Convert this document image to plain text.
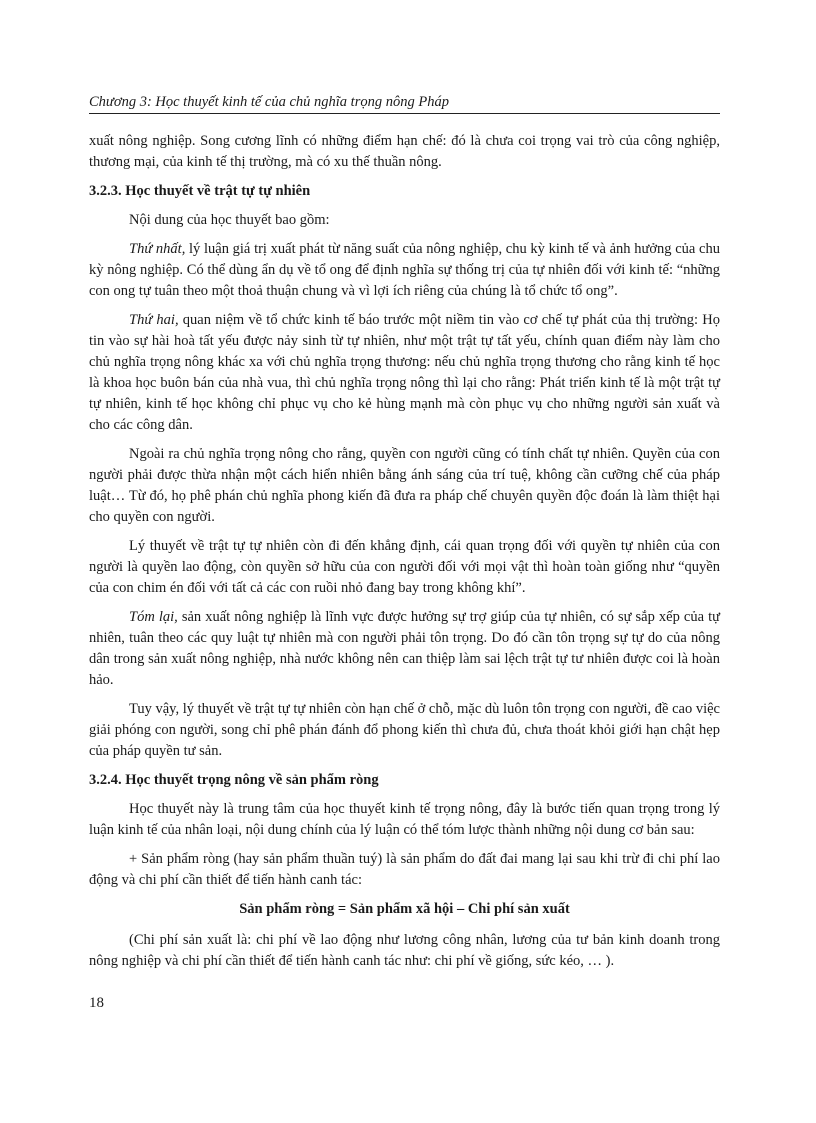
Chương 3: Học thuyết kinh tế của chủ nghĩa trọng nông Pháp

xuất nông nghiệp. Song cương lĩnh có những điểm hạn chế: đó là chưa coi trọng vai trò của công nghiệp, thương mại, của kinh tế thị trường, mà có xu thế thuần nông.

3.2.3. Học thuyết về trật tự tự nhiên

Nội dung của học thuyết bao gồm:

Thứ nhất, lý luận giá trị xuất phát từ năng suất của nông nghiệp, chu kỳ kinh tế và ảnh hưởng của chu kỳ nông nghiệp. Có thể dùng ẩn dụ về tổ ong để định nghĩa sự thống trị của tự nhiên đối với kinh tế: “những con ong tự tuân theo một thoả thuận chung và vì lợi ích riêng của chúng là tổ chức tổ ong”.

Thứ hai, quan niệm về tổ chức kinh tế báo trước một niềm tin vào cơ chế tự phát của thị trường: Họ tin vào sự hài hoà tất yếu được nảy sinh từ tự nhiên, như một trật tự tất yếu, chính quan điểm này làm cho chủ nghĩa trọng nông khác xa với chủ nghĩa trọng thương: nếu chủ nghĩa trọng thương cho rằng kinh tế học là khoa học buôn bán của nhà vua, thì chủ nghĩa trọng nông thì lại cho rằng: Phát triển kinh tế là một trật tự tự nhiên, kinh tế học không chỉ phục vụ cho kẻ hùng mạnh mà còn phục vụ cho những người sản xuất và cho các công dân.

Ngoài ra chủ nghĩa trọng nông cho rằng, quyền con người cũng có tính chất tự nhiên. Quyền của con người phải được thừa nhận một cách hiển nhiên bằng ánh sáng của trí tuệ, không cần cưỡng chế của pháp luật… Từ đó, họ phê phán chủ nghĩa phong kiến đã đưa ra pháp chế chuyên quyền độc đoán là làm thiệt hại cho quyền con người.

Lý thuyết về trật tự tự nhiên còn đi đến khẳng định, cái quan trọng đối với quyền tự nhiên của con người là quyền lao động, còn quyền sở hữu của con người đối với mọi vật thì hoàn toàn giống như “quyền của con chim én đối với tất cả các con ruồi nhỏ đang bay trong không khí”.

Tóm lại, sản xuất nông nghiệp là lĩnh vực được hưởng sự trợ giúp của tự nhiên, có sự sắp xếp của tự nhiên, tuân theo các quy luật tự nhiên mà con người phải tôn trọng. Do đó cần tôn trọng sự tự do của nông dân trong sản xuất nông nghiệp, nhà nước không nên can thiệp làm sai lệch trật tự tư nhiên được coi là hoàn hảo.

Tuy vậy, lý thuyết về trật tự tự nhiên còn hạn chế ở chỗ, mặc dù luôn tôn trọng con người, đề cao việc giải phóng con người, song chỉ phê phán đánh đổ phong kiến thì chưa đủ, chưa thoát khỏi giới hạn chật hẹp của pháp quyền tư sản.

3.2.4. Học thuyết trọng nông về sản phẩm ròng

Học thuyết này là trung tâm của học thuyết kinh tế trọng nông, đây là bước tiến quan trọng trong lý luận kinh tế của nhân loại, nội dung chính của lý luận có thể tóm lược thành những nội dung cơ bản sau:

+ Sản phẩm ròng (hay sản phẩm thuần tuý) là sản phẩm do đất đai mang lại sau khi trừ đi chi phí lao động và chi phí cần thiết để tiến hành canh tác:

Sản phẩm ròng = Sản phẩm xã hội – Chi phí sản xuất

(Chi phí sản xuất là: chi phí về lao động như lương công nhân, lương của tư bản kinh doanh trong nông nghiệp và chi phí cần thiết để tiến hành canh tác như: chi phí về giống, sức kéo, … ).

18
